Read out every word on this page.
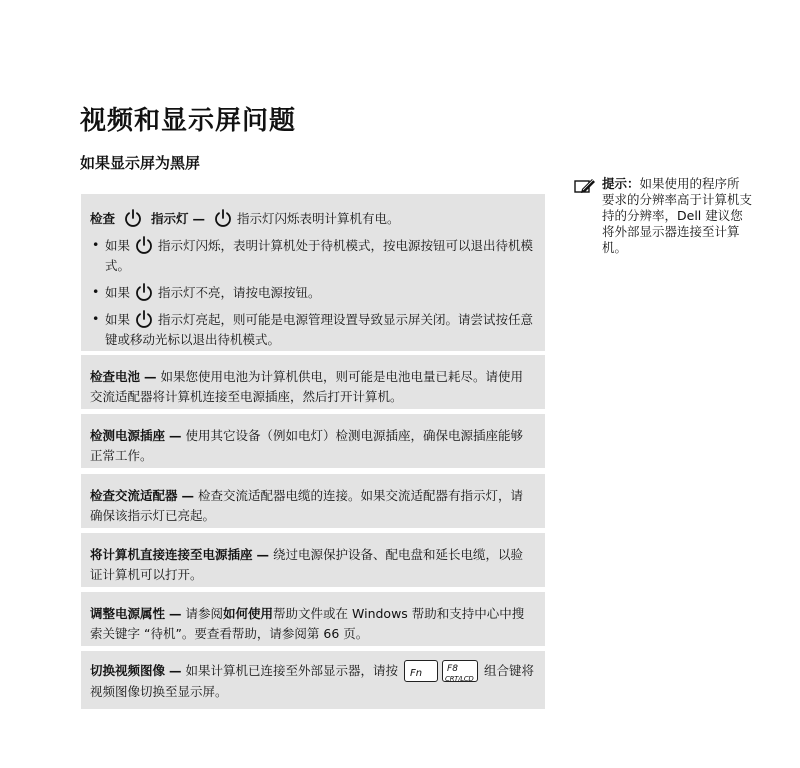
视频和显示屏问题
如果显示屏为黑屏
提示：如果使用的程序所要求的分辨率高于计算机支持的分辨率，Dell 建议您将外部显示器连接至计算机。

检查	指示灯 —	指示灯闪烁表明计算机有电。

• 如果 指示灯闪烁，表明计算机处于待机模式，按电源按钮可以退出待机模式。
• 如果 指示灯不亮，请按电源按钮。
• 如果 指示灯亮起，则可能是电源管理设置导致显示屏关闭。请尝试按任意键或移动光标以退出待机模式。

检查电池 — 如果您使用电池为计算机供电，则可能是电池电量已耗尽。请使用交流适配器将计算机连接至电源插座，然后打开计算机。

检测电源插座 — 使用其它设备（例如电灯）检测电源插座，确保电源插座能够正常工作。

检查交流适配器 — 检查交流适配器电缆的连接。如果交流适配器有指示灯，请确保该指示灯已亮起。

将计算机直接连接至电源插座 — 绕过电源保护设备、配电盘和延长电缆，以验证计算机可以打开。

调整电源属性 — 请参阅如何使用帮助文件或在 Windows 帮助和支持中心中搜索关键字 “待机”。要查看帮助，请参阅第 66 页。

切换视频图像 — 如果计算机已连接至外部显示器，请按 Fn	F8
CRT/LCD
组合键将视频图像切换至显示屏。
